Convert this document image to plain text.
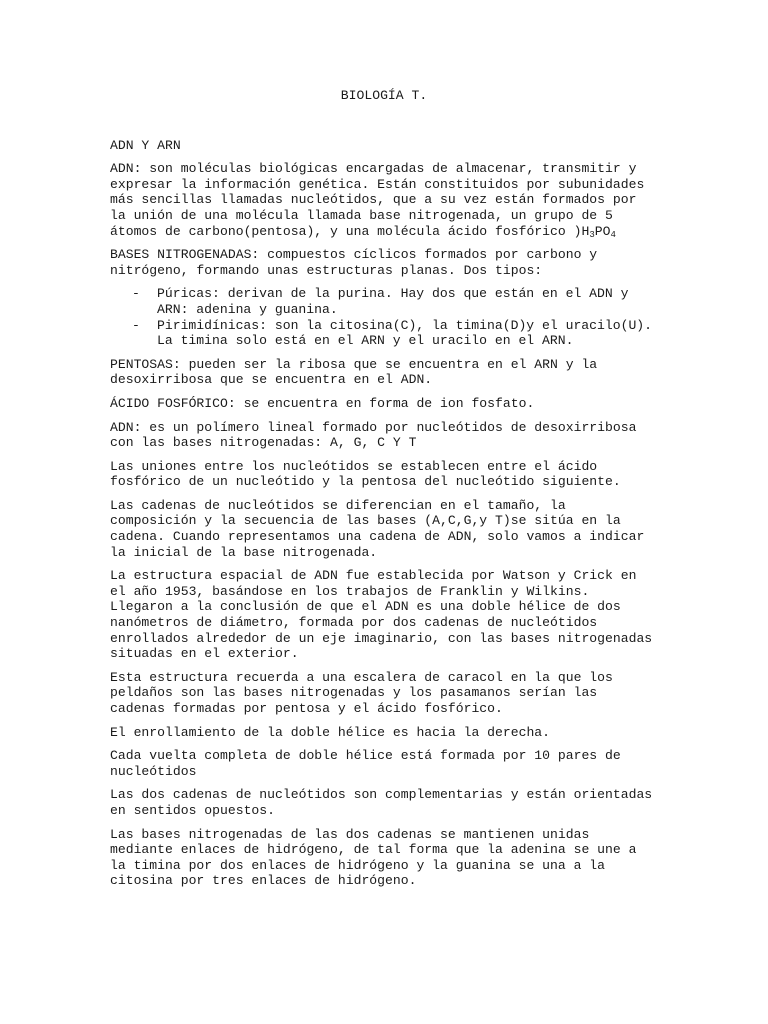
BIOLOGÍA T.
ADN Y ARN

ADN: son moléculas biológicas encargadas de almacenar, transmitir y expresar la información genética. Están constituidos por subunidades más sencillas llamadas nucleótidos, que a su vez están formados por la unión de una molécula llamada base nitrogenada, un grupo de 5 átomos de carbono(pentosa), y una molécula ácido fosfórico )$H_3PO_4$

BASES NITROGENADAS: compuestos cíclicos formados por carbono y nitrógeno, formando unas estructuras planas. Dos tipos:

- Púricas: derivan de la purina. Hay dos que están en el ADN y ARN: adenina y guanina.
- Pirimidínicas: son la citosina(C), la timina(D)y el uracilo(U). La timina solo está en el ARN y el uracilo en el ARN.

PENTOSAS: pueden ser la ribosa que se encuentra en el ARN y la desoxirribosa que se encuentra en el ADN.

ÁCIDO FOSFÓRICO: se encuentra en forma de ion fosfato.

ADN: es un polímero lineal formado por nucleótidos de desoxirribosa con las bases nitrogenadas: A, G, C Y T

Las uniones entre los nucleótidos se establecen entre el ácido fosfórico de un nucleótido y la pentosa del nucleótido siguiente.

Las cadenas de nucleótidos se diferencian en el tamaño, la composición y la secuencia de las bases (A,C,G,y T)se sitúa en la cadena. Cuando representamos una cadena de ADN, solo vamos a indicar la inicial de la base nitrogenada.

La estructura espacial de ADN fue establecida por Watson y Crick en el año 1953, basándose en los trabajos de Franklin y Wilkins. Llegaron a la conclusión de que el ADN es una doble hélice de dos nanómetros de diámetro, formada por dos cadenas de nucleótidos enrollados alrededor de un eje imaginario, con las bases nitrogenadas situadas en el exterior.

Esta estructura recuerda a una escalera de caracol en la que los peldaños son las bases nitrogenadas y los pasamanos serían las cadenas formadas por pentosa y el ácido fosfórico.

El enrollamiento de la doble hélice es hacia la derecha.

Cada vuelta completa de doble hélice está formada por 10 pares de nucleótidos

Las dos cadenas de nucleótidos son complementarias y están orientadas en sentidos opuestos.

Las bases nitrogenadas de las dos cadenas se mantienen unidas mediante enlaces de hidrógeno, de tal forma que la adenina se une a la timina por dos enlaces de hidrógeno y la guanina se una a la citosina por tres enlaces de hidrógeno.
